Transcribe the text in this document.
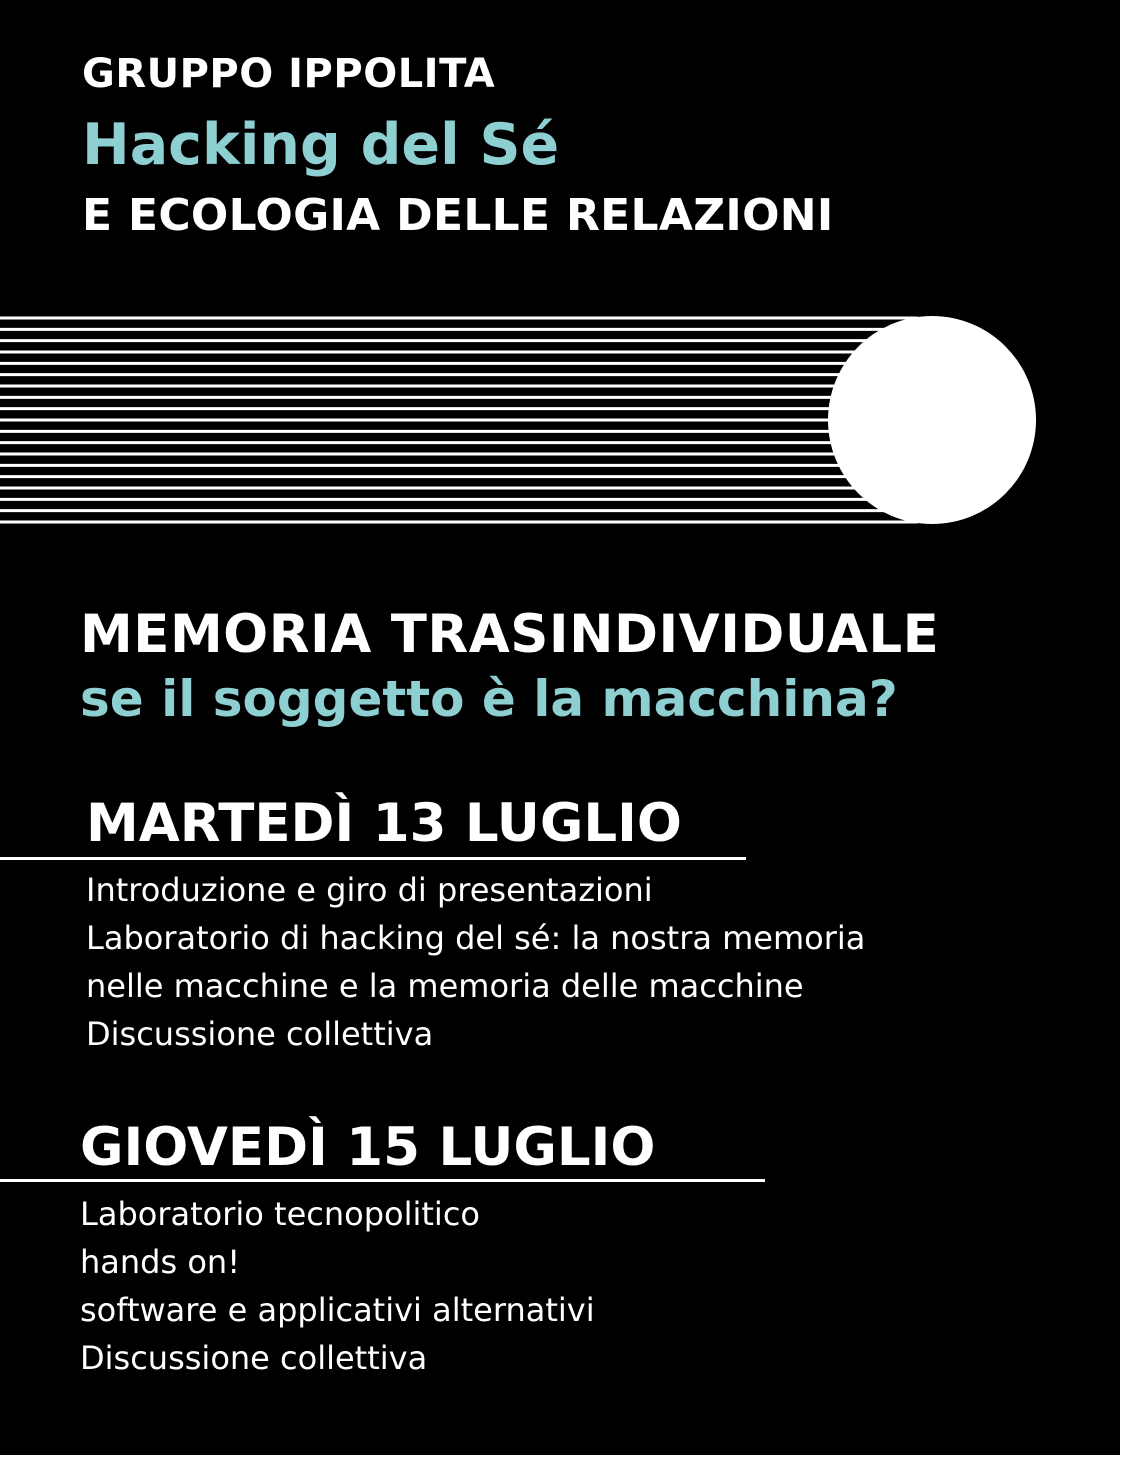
GRUPPO IPPOLITA
Hacking del Sé
E ECOLOGIA DELLE RELAZIONI
MEMORIA TRASINDIVIDUALE
se il soggetto è la macchina?
MARTEDÌ 13 LUGLIO
Introduzione e giro di presentazioni
Laboratorio di hacking del sé: la nostra memoria
nelle macchine e la memoria delle macchine
Discussione collettiva
GIOVEDÌ 15 LUGLIO
Laboratorio tecnopolitico
hands on!
software e applicativi alternativi
Discussione collettiva
